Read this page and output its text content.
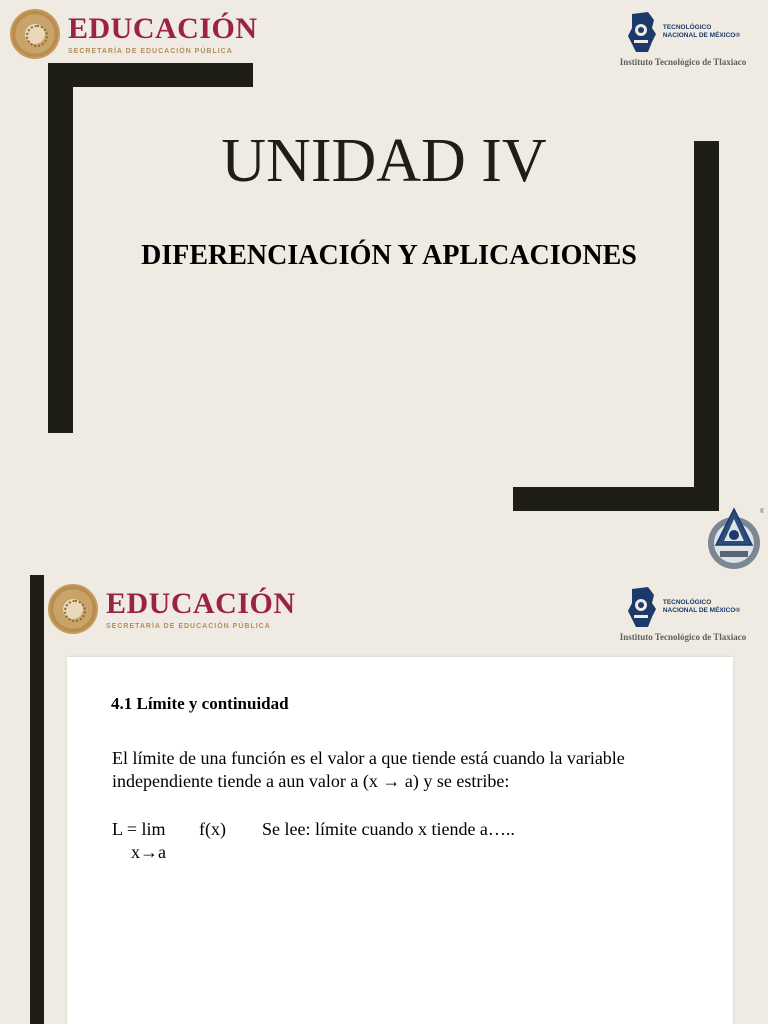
EDUCACIÓN
SECRETARÍA DE EDUCACIÓN PÚBLICA
TECNOLÓGICO
NACIONAL DE MÉXICO®
Instituto Tecnológico de Tlaxiaco
UNIDAD IV
DIFERENCIACIÓN Y APLICACIONES
®
EDUCACIÓN
SECRETARÍA DE EDUCACIÓN PÚBLICA
TECNOLÓGICO
NACIONAL DE MÉXICO®
Instituto Tecnológico de Tlaxiaco
4.1 Límite y continuidad
El límite de una función es el valor a que tiende está cuando la variable independiente tiende a aun valor a (x → a) y se estribe:
L = lim f(x) Se lee: límite cuando x tiende a…..
x→a
